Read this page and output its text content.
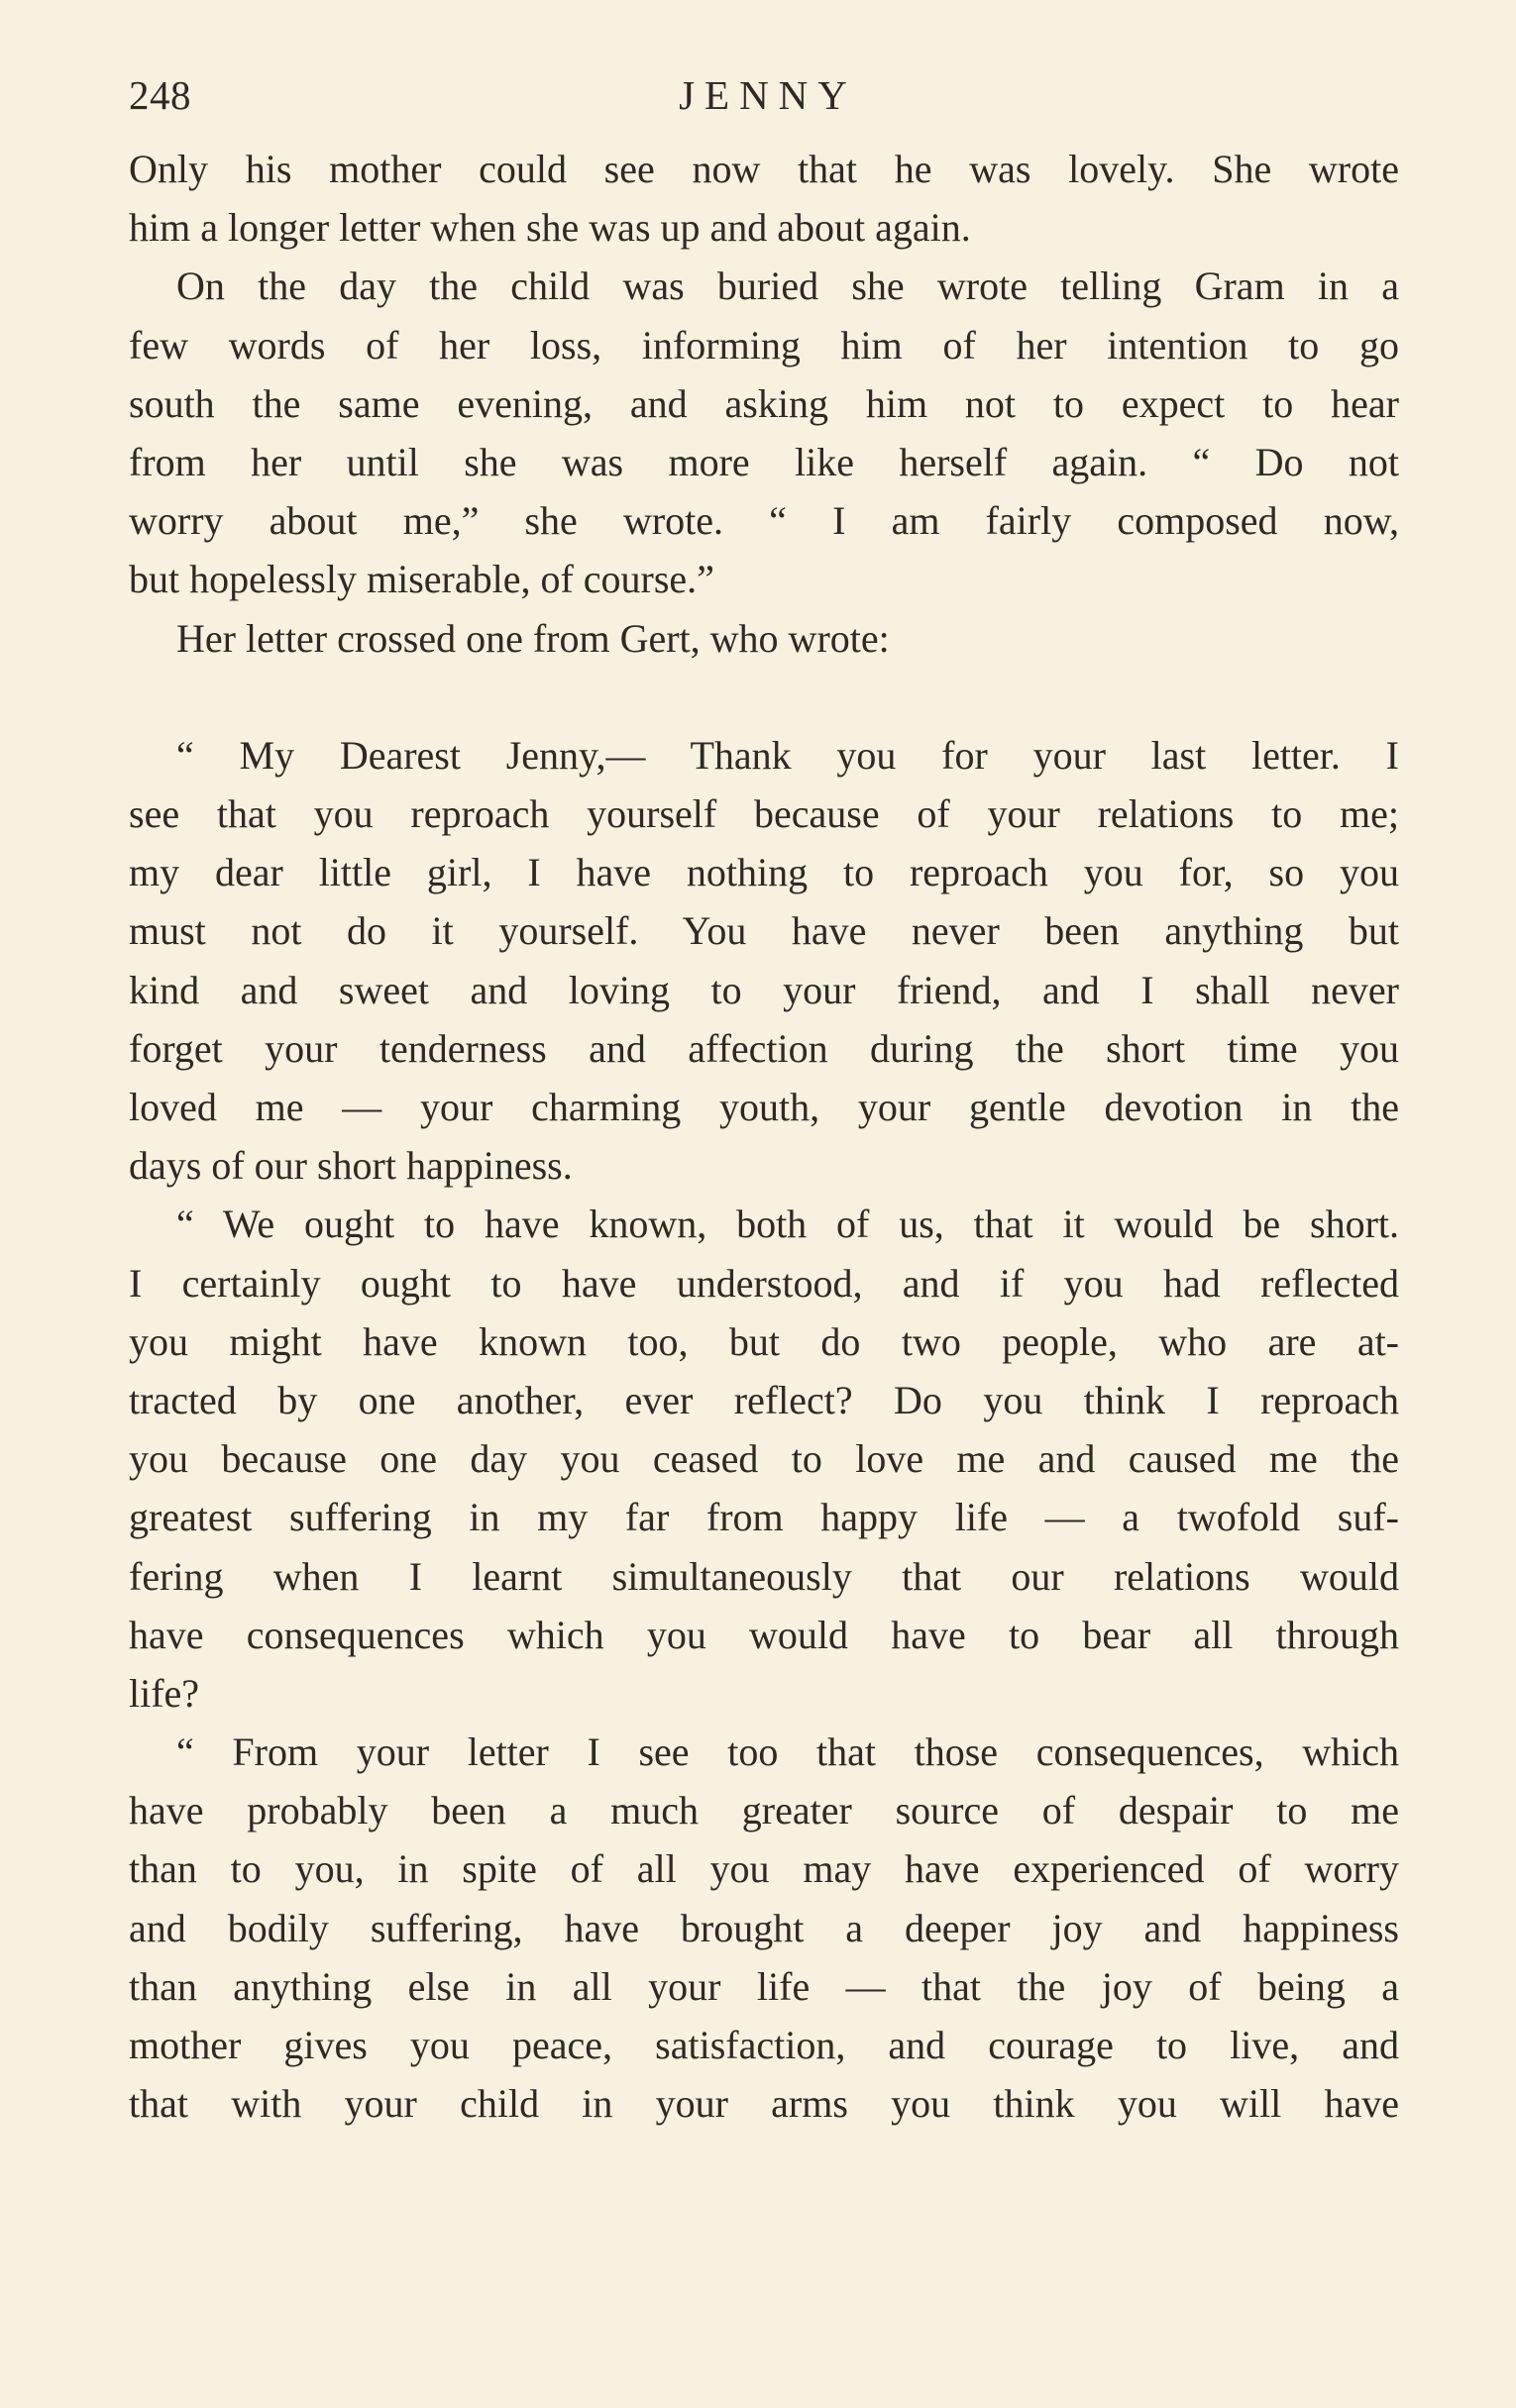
248	JENNY
Only his mother could see now that he was lovely. She wrote
him a longer letter when she was up and about again.
On the day the child was buried she wrote telling Gram in a
few words of her loss, informing him of her intention to go
south the same evening, and asking him not to expect to hear
from her until she was more like herself again. “ Do not
worry about me,” she wrote. “ I am fairly composed now,
but hopelessly miserable, of course.”
Her letter crossed one from Gert, who wrote:
“ My Dearest Jenny,— Thank you for your last letter. I
see that you reproach yourself because of your relations to me;
my dear little girl, I have nothing to reproach you for, so you
must not do it yourself. You have never been anything but
kind and sweet and loving to your friend, and I shall never
forget your tenderness and affection during the short time you
loved me — your charming youth, your gentle devotion in the
days of our short happiness.
“ We ought to have known, both of us, that it would be short.
I certainly ought to have understood, and if you had reflected
you might have known too, but do two people, who are at-
tracted by one another, ever reflect? Do you think I reproach
you because one day you ceased to love me and caused me the
greatest suffering in my far from happy life — a twofold suf-
fering when I learnt simultaneously that our relations would
have consequences which you would have to bear all through
life?
“ From your letter I see too that those consequences, which
have probably been a much greater source of despair to me
than to you, in spite of all you may have experienced of worry
and bodily suffering, have brought a deeper joy and happiness
than anything else in all your life — that the joy of being a
mother gives you peace, satisfaction, and courage to live, and
that with your child in your arms you think you will have
